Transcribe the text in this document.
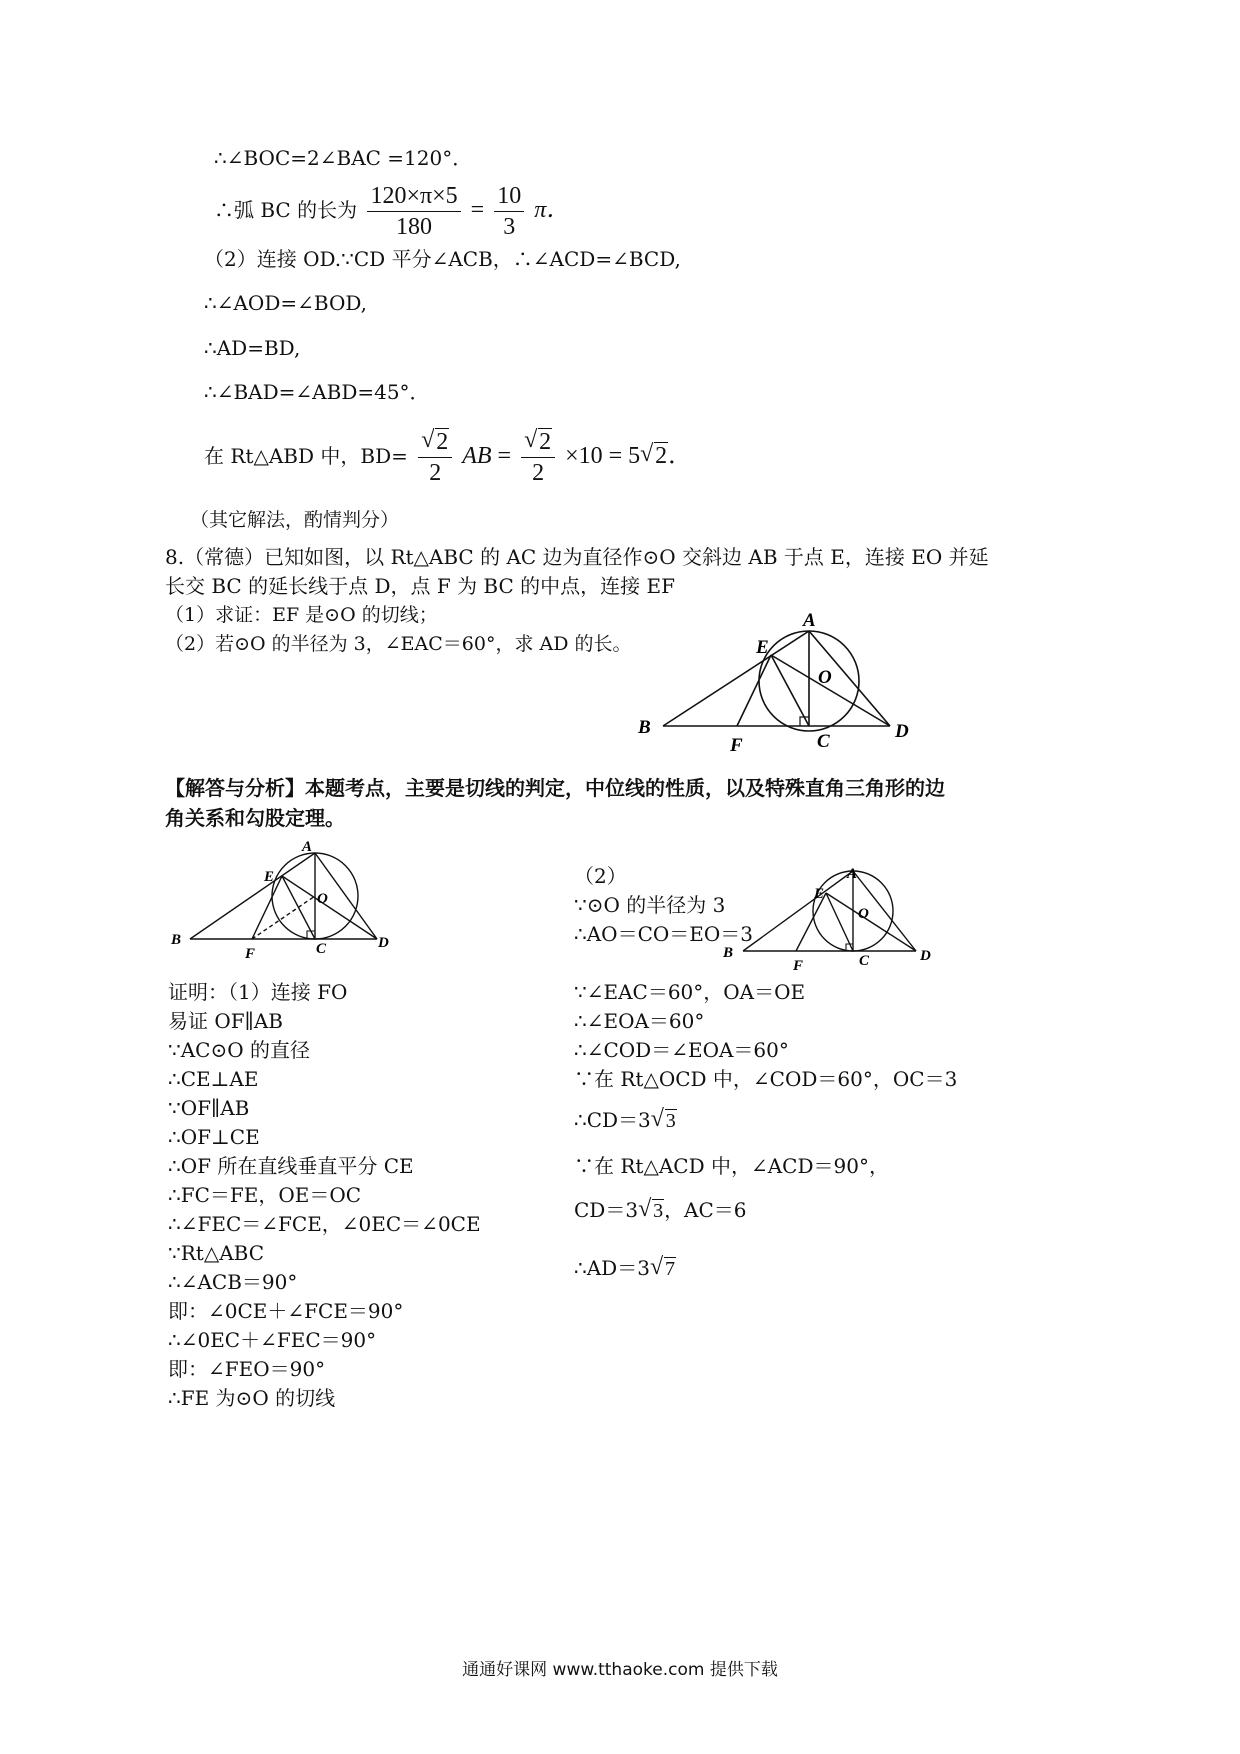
∴∠BOC=2∠BAC =120°．
∴弧 BC 的长为 $\frac{120\times\pi\times 5}{180} = \frac{10}{3}$ π．
（2）连接 OD.∵CD 平分∠ACB，∴∠ACD=∠BCD,
∴∠AOD=∠BOD,
∴AD=BD,
∴∠BAD=∠ABD=45°．
在 Rt△ABD 中，BD=
√ $\frac{2}{2}$ AB =
√ $\frac{2}{2} \times 10 = 5√$ 2．
（其它解法，酌情判分）
8.（常德）已知如图，以 Rt△ABC 的 AC 边为直径作⊙O 交斜边 AB 于点 E，连接 EO 并延
长交 BC 的延长线于点 D，点 F 为 BC 的中点，连接 EF
（1）求证：EF 是⊙O 的切线；
（2）若⊙O 的半径为 3，∠EAC＝60°，求 AD 的长。
A
E
O
B
F	C	D
【解答与分析】本题考点，主要是切线的判定，中位线的性质，以及特殊直角三角形的边
角关系和勾股定理。
A
E
O
B
F	C	D
A
E
O
B
F	C	D
证明：（1）连接 FO
易证 OF∥AB
∵AC⊙O 的直径
∴CE⊥AE
∵OF∥AB
∴OF⊥CE
∴OF 所在直线垂直平分 CE
∴FC＝FE，OE＝OC
∴∠FEC＝∠FCE，∠0EC＝∠0CE
∵Rt△ABC
∴∠ACB＝90°
即：∠0CE＋∠FCE＝90°
∴∠0EC＋∠FEC＝90°
即：∠FEO＝90°
∴FE 为⊙O 的切线
（2）
∵⊙O 的半径为 3
∴AO＝CO＝EO＝3
∵∠EAC＝60°，OA＝OE
∴∠EOA＝60°
∴∠COD＝∠EOA＝60°
∵在 Rt△OCD 中，∠COD＝60°，OC＝3
∴CD＝3√ 3
∵在 Rt△ACD 中，∠ACD＝90°，
CD＝3√ 3，AC＝6
∴AD＝3√ 7
通通好课网 www.tthaoke.com 提供下载
